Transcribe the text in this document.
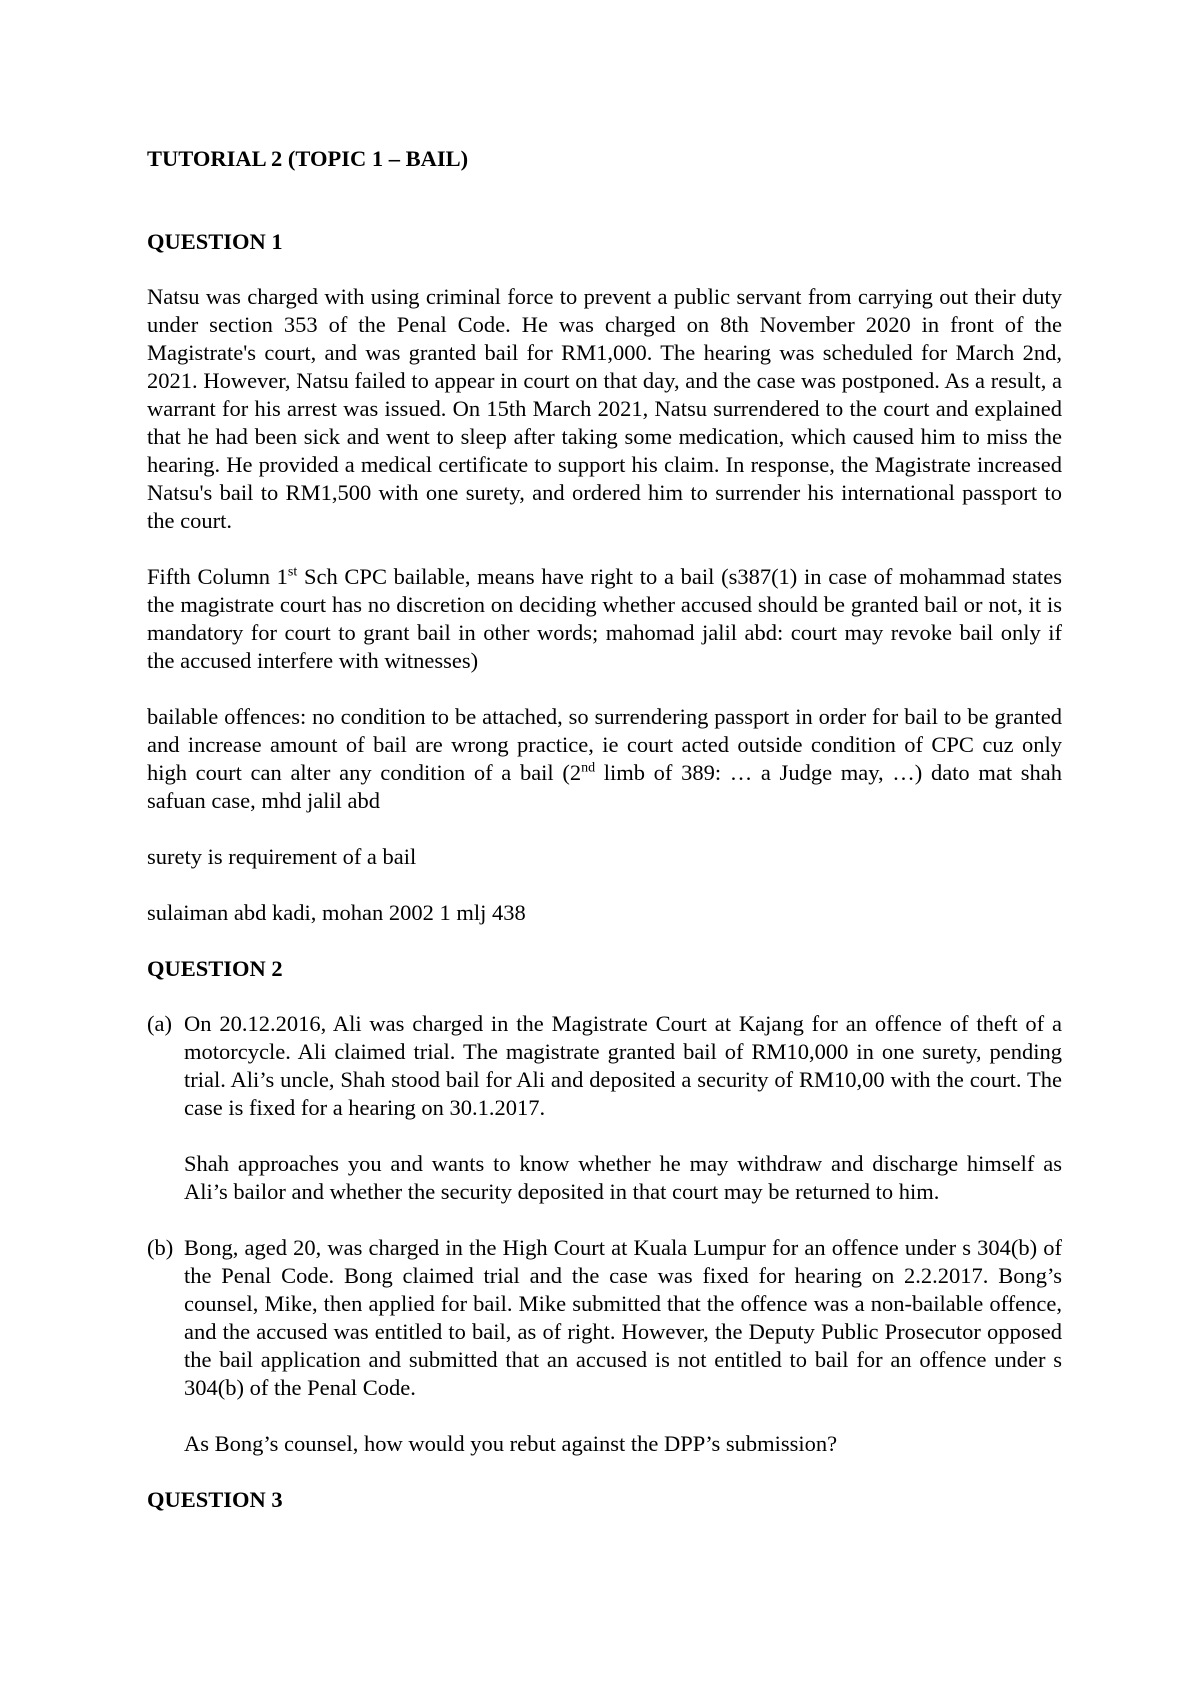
TUTORIAL 2 (TOPIC 1 – BAIL)
QUESTION 1

Natsu was charged with using criminal force to prevent a public servant from carrying out their duty under section 353 of the Penal Code. He was charged on 8th November 2020 in front of the Magistrate's court, and was granted bail for RM1,000. The hearing was scheduled for March 2nd, 2021. However, Natsu failed to appear in court on that day, and the case was postponed. As a result, a warrant for his arrest was issued. On 15th March 2021, Natsu surrendered to the court and explained that he had been sick and went to sleep after taking some medication, which caused him to miss the hearing. He provided a medical certificate to support his claim. In response, the Magistrate increased Natsu's bail to RM1,500 with one surety, and ordered him to surrender his international passport to the court.

Fifth Column 1st Sch CPC bailable, means have right to a bail (s387(1) in case of mohammad states the magistrate court has no discretion on deciding whether accused should be granted bail or not, it is mandatory for court to grant bail in other words; mahomad jalil abd: court may revoke bail only if the accused interfere with witnesses)

bailable offences: no condition to be attached, so surrendering passport in order for bail to be granted and increase amount of bail are wrong practice, ie court acted outside condition of CPC cuz only high court can alter any condition of a bail (2nd limb of 389: … a Judge may, …) dato mat shah safuan case, mhd jalil abd

surety is requirement of a bail

sulaiman abd kadi, mohan 2002 1 mlj 438

QUESTION 2
(a) On 20.12.2016, Ali was charged in the Magistrate Court at Kajang for an offence of theft of a motorcycle. Ali claimed trial. The magistrate granted bail of RM10,000 in one surety, pending trial. Ali’s uncle, Shah stood bail for Ali and deposited a security of RM10,00 with the court. The case is fixed for a hearing on 30.1.2017.

Shah approaches you and wants to know whether he may withdraw and discharge himself as Ali’s bailor and whether the security deposited in that court may be returned to him.

(b) Bong, aged 20, was charged in the High Court at Kuala Lumpur for an offence under s 304(b) of the Penal Code. Bong claimed trial and the case was fixed for hearing on 2.2.2017. Bong’s counsel, Mike, then applied for bail. Mike submitted that the offence was a non-bailable offence, and the accused was entitled to bail, as of right. However, the Deputy Public Prosecutor opposed the bail application and submitted that an accused is not entitled to bail for an offence under s 304(b) of the Penal Code.

As Bong’s counsel, how would you rebut against the DPP’s submission?

QUESTION 3
